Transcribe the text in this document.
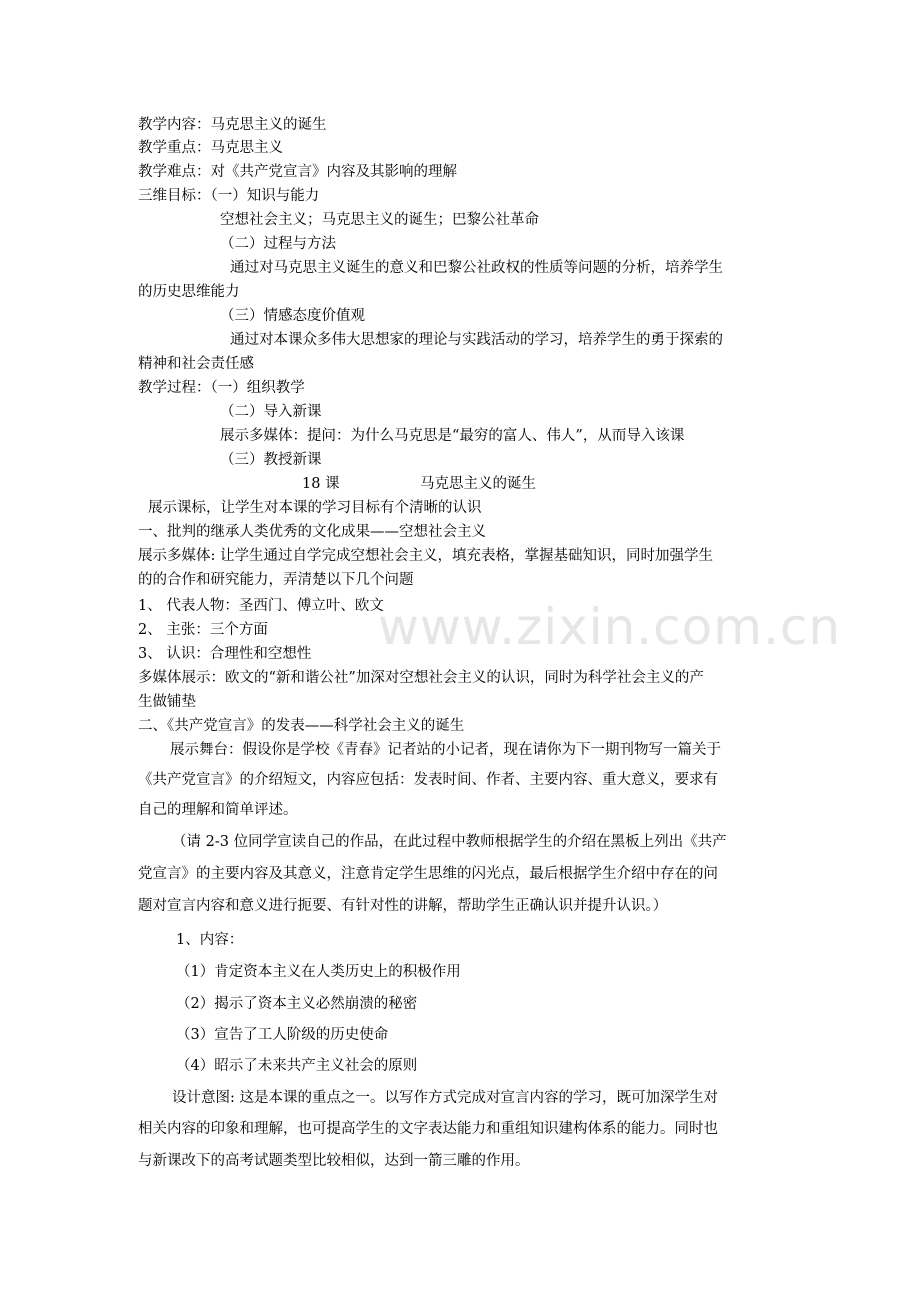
www.zixin.com.cn
教学内容：马克思主义的诞生
教学重点：马克思主义
教学难点：对《共产党宣言》内容及其影响的理解
三维目标：（一）知识与能力
空想社会主义；马克思主义的诞生；巴黎公社革命
（二）过程与方法
通过对马克思主义诞生的意义和巴黎公社政权的性质等问题的分析，培养学生
的历史思维能力
（三）情感态度价值观
通过对本课众多伟大思想家的理论与实践活动的学习，培养学生的勇于探索的
精神和社会责任感
教学过程：（一）组织教学
（二）导入新课
展示多媒体：提问：为什么马克思是“最穷的富人、伟人”，从而导入该课
（三）教授新课
18 课	马克思主义的诞生
展示课标，让学生对本课的学习目标有个清晰的认识
一、批判的继承人类优秀的文化成果——空想社会主义
展示多媒体: 让学生通过自学完成空想社会主义，填充表格，掌握基础知识，同时加强学生
的的合作和研究能力，弄清楚以下几个问题
1、 代表人物：圣西门、傅立叶、欧文
2、 主张：三个方面
3、 认识：合理性和空想性
多媒体展示：欧文的“新和谐公社”加深对空想社会主义的认识，同时为科学社会主义的产
生做铺垫
二、《共产党宣言》的发表——科学社会主义的诞生
展示舞台：假设你是学校《青春》记者站的小记者，现在请你为下一期刊物写一篇关于
《共产党宣言》的介绍短文，内容应包括：发表时间、作者、主要内容、重大意义，要求有
自己的理解和简单评述。
（请 2-3 位同学宣读自己的作品，在此过程中教师根据学生的介绍在黑板上列出《共产
党宣言》的主要内容及其意义，注意肯定学生思维的闪光点，最后根据学生介绍中存在的问
题对宣言内容和意义进行扼要、有针对性的讲解，帮助学生正确认识并提升认识。）
1、内容：
（1）肯定资本主义在人类历史上的积极作用
（2）揭示了资本主义必然崩溃的秘密
（3）宣告了工人阶级的历史使命
（4）昭示了未来共产主义社会的原则
设计意图: 这是本课的重点之一。以写作方式完成对宣言内容的学习，既可加深学生对
相关内容的印象和理解，也可提高学生的文字表达能力和重组知识建构体系的能力。同时也
与新课改下的高考试题类型比较相似，达到一箭三雕的作用。
